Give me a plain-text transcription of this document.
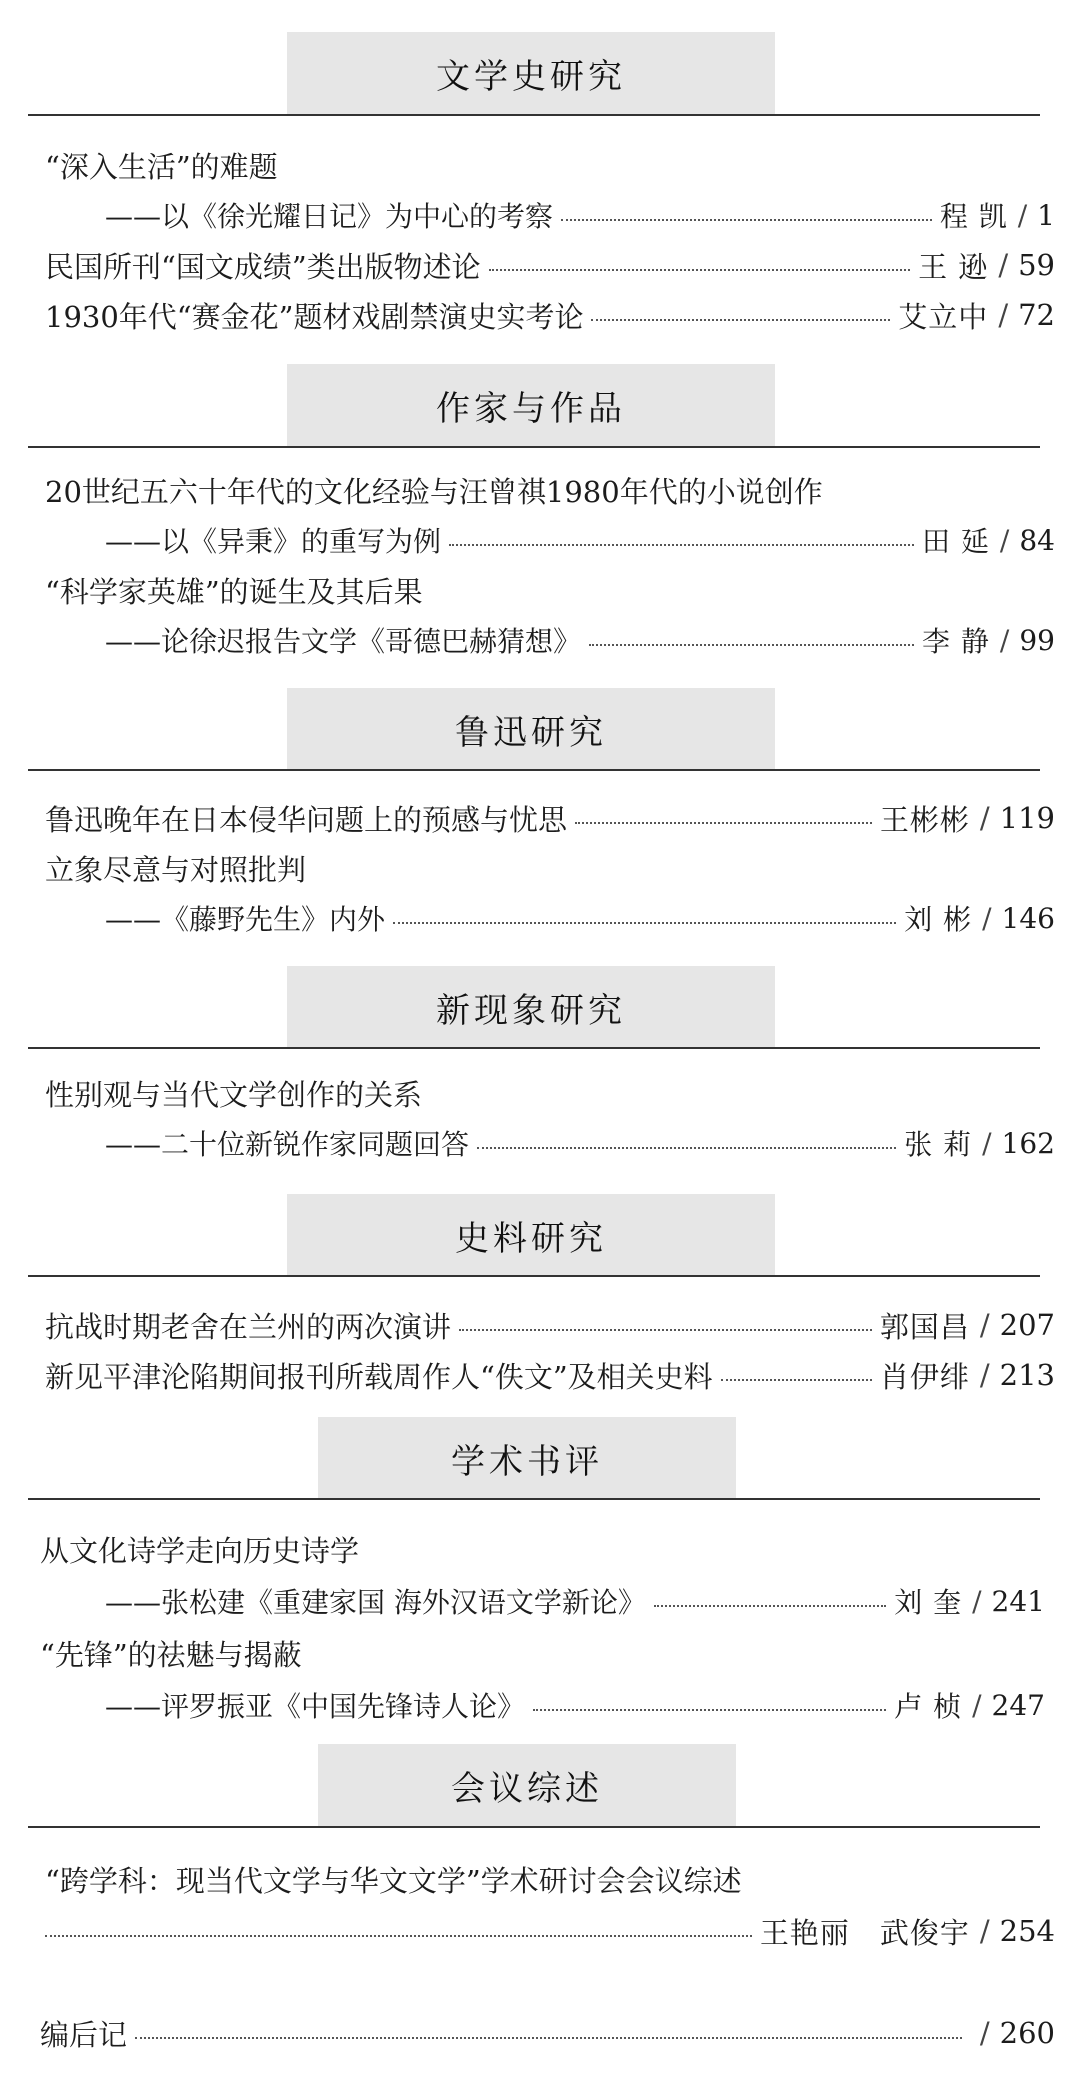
文学史研究
“深入生活”的难题
——以《徐光耀日记》为中心的考察	程 凯 / 1
民国所刊“国文成绩”类出版物述论	王 逊 / 59
1930年代“赛金花”题材戏剧禁演史实考论	艾立中 / 72
作家与作品
20世纪五六十年代的文化经验与汪曾祺1980年代的小说创作
——以《异秉》的重写为例	田 延 / 84
“科学家英雄”的诞生及其后果
——论徐迟报告文学《哥德巴赫猜想》	李 静 / 99
鲁迅研究
鲁迅晚年在日本侵华问题上的预感与忧思	王彬彬 / 119
立象尽意与对照批判
——《藤野先生》内外	刘 彬 / 146
新现象研究
性别观与当代文学创作的关系
——二十位新锐作家同题回答	张 莉 / 162
史料研究
抗战时期老舍在兰州的两次演讲	郭国昌 / 207
新见平津沦陷期间报刊所载周作人“佚文”及相关史料	肖伊绯 / 213
学术书评
从文化诗学走向历史诗学
——张松建《重建家国 海外汉语文学新论》	刘 奎 / 241
“先锋”的祛魅与揭蔽
——评罗振亚《中国先锋诗人论》	卢 桢 / 247
会议综述
“跨学科：现当代文学与华文文学”学术研讨会会议综述
王艳丽　武俊宇 / 254
编后记	/ 260
